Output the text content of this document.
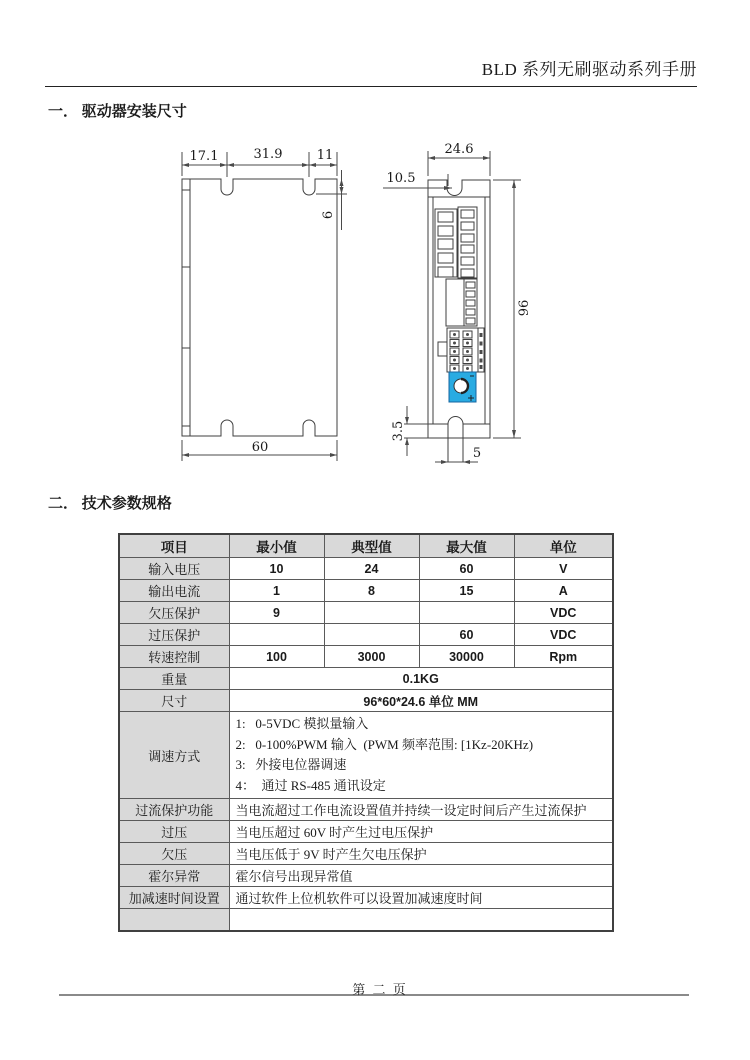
BLD 系列无刷驱动系列手册
一． 驱动器安装尺寸
17.1	31.9	11
6
60
24.6
10.5
96
3.5
5
二． 技术参数规格
项目	最小值	典型值	最大值	单位
输入电压	10	24	60	V
输出电流	1	8	15	A
欠压保护	9			VDC
过压保护			60	VDC
转速控制	100	3000	30000	Rpm
重量	0.1KG			
尺寸	96*60*24.6 单位 MM			
调速方式	1:   0-5VDC 模拟量输入
2:   0-100%PWM 输入  (PWM 频率范围: [1Kz-20KHz)
3:   外接电位器调速
4：  通过 RS-485 通讯设定			

过流保护功能	当电流超过工作电流设置值并持续一设定时间后产生过流保护			
过压	当电压超过 60V 时产生过电压保护			
欠压	当电压低于 9V 时产生欠电压保护			
霍尔异常	霍尔信号出现异常值			
加减速时间设置	通过软件上位机软件可以设置加减速度时间			

第 二 页
